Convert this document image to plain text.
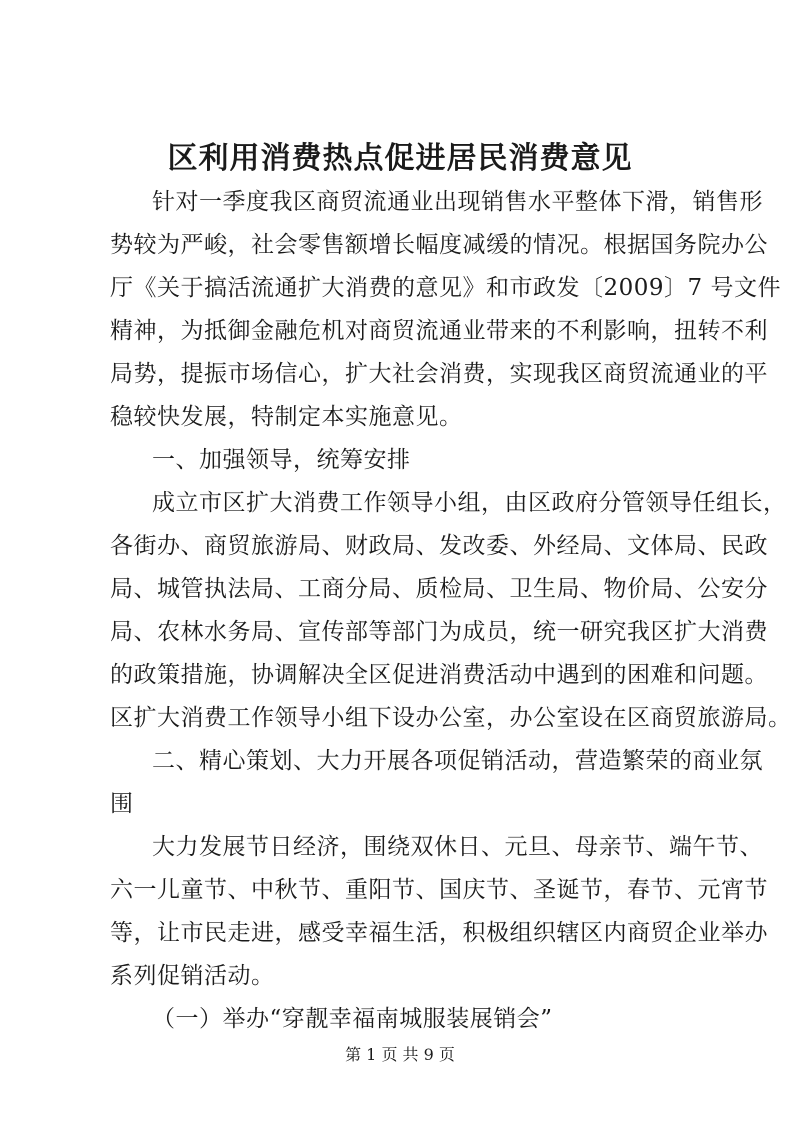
区利用消费热点促进居民消费意见
针对一季度我区商贸流通业出现销售水平整体下滑，销售形
势较为严峻，社会零售额增长幅度减缓的情况。根据国务院办公
厅《关于搞活流通扩大消费的意见》和市政发〔2009〕7 号文件
精神，为抵御金融危机对商贸流通业带来的不利影响，扭转不利
局势，提振市场信心，扩大社会消费，实现我区商贸流通业的平
稳较快发展，特制定本实施意见。
一、加强领导，统筹安排
成立市区扩大消费工作领导小组，由区政府分管领导任组长，
各街办、商贸旅游局、财政局、发改委、外经局、文体局、民政
局、城管执法局、工商分局、质检局、卫生局、物价局、公安分
局、农林水务局、宣传部等部门为成员，统一研究我区扩大消费
的政策措施，协调解决全区促进消费活动中遇到的困难和问题。
区扩大消费工作领导小组下设办公室，办公室设在区商贸旅游局。
二、精心策划、大力开展各项促销活动，营造繁荣的商业氛
围
大力发展节日经济，围绕双休日、元旦、母亲节、端午节、
六一儿童节、中秋节、重阳节、国庆节、圣诞节，春节、元宵节
等，让市民走进，感受幸福生活，积极组织辖区内商贸企业举办
系列促销活动。
（一）举办“穿靓幸福南城服装展销会”
第 1 页 共 9 页
